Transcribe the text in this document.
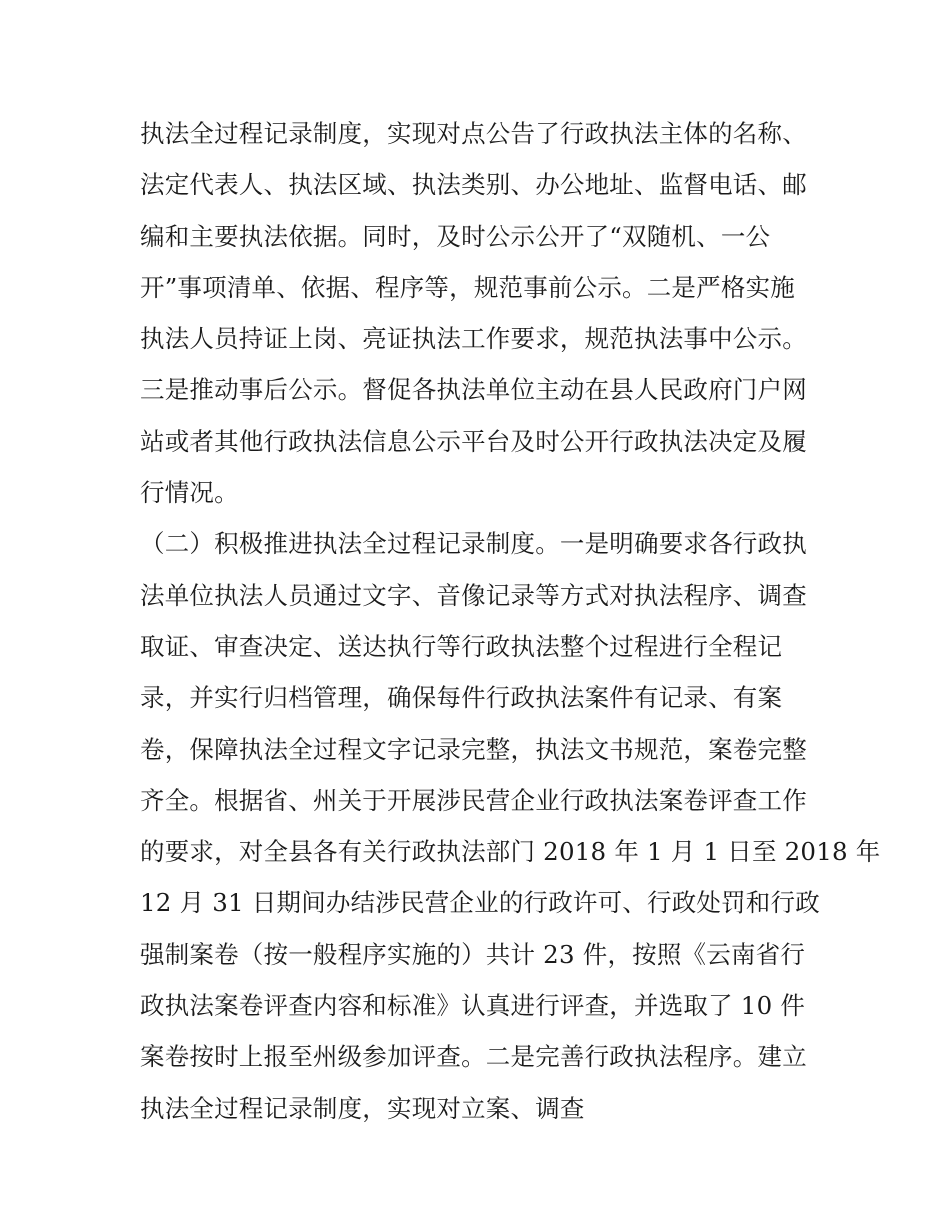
执法全过程记录制度，实现对点公告了行政执法主体的名称、
法定代表人、执法区域、执法类别、办公地址、监督电话、邮
编和主要执法依据。同时，及时公示公开了“双随机、一公
开”事项清单、依据、程序等，规范事前公示。二是严格实施
执法人员持证上岗、亮证执法工作要求，规范执法事中公示。
三是推动事后公示。督促各执法单位主动在县人民政府门户网
站或者其他行政执法信息公示平台及时公开行政执法决定及履
行情况。
（二）积极推进执法全过程记录制度。一是明确要求各行政执
法单位执法人员通过文字、音像记录等方式对执法程序、调查
取证、审查决定、送达执行等行政执法整个过程进行全程记
录，并实行归档管理，确保每件行政执法案件有记录、有案
卷，保障执法全过程文字记录完整，执法文书规范，案卷完整
齐全。根据省、州关于开展涉民营企业行政执法案卷评查工作
的要求，对全县各有关行政执法部门 2018 年 1 月 1 日至 2018 年
12 月 31 日期间办结涉民营企业的行政许可、行政处罚和行政
强制案卷（按一般程序实施的）共计 23 件，按照《云南省行
政执法案卷评查内容和标准》认真进行评查，并选取了 10 件
案卷按时上报至州级参加评查。二是完善行政执法程序。建立
执法全过程记录制度，实现对立案、调查
